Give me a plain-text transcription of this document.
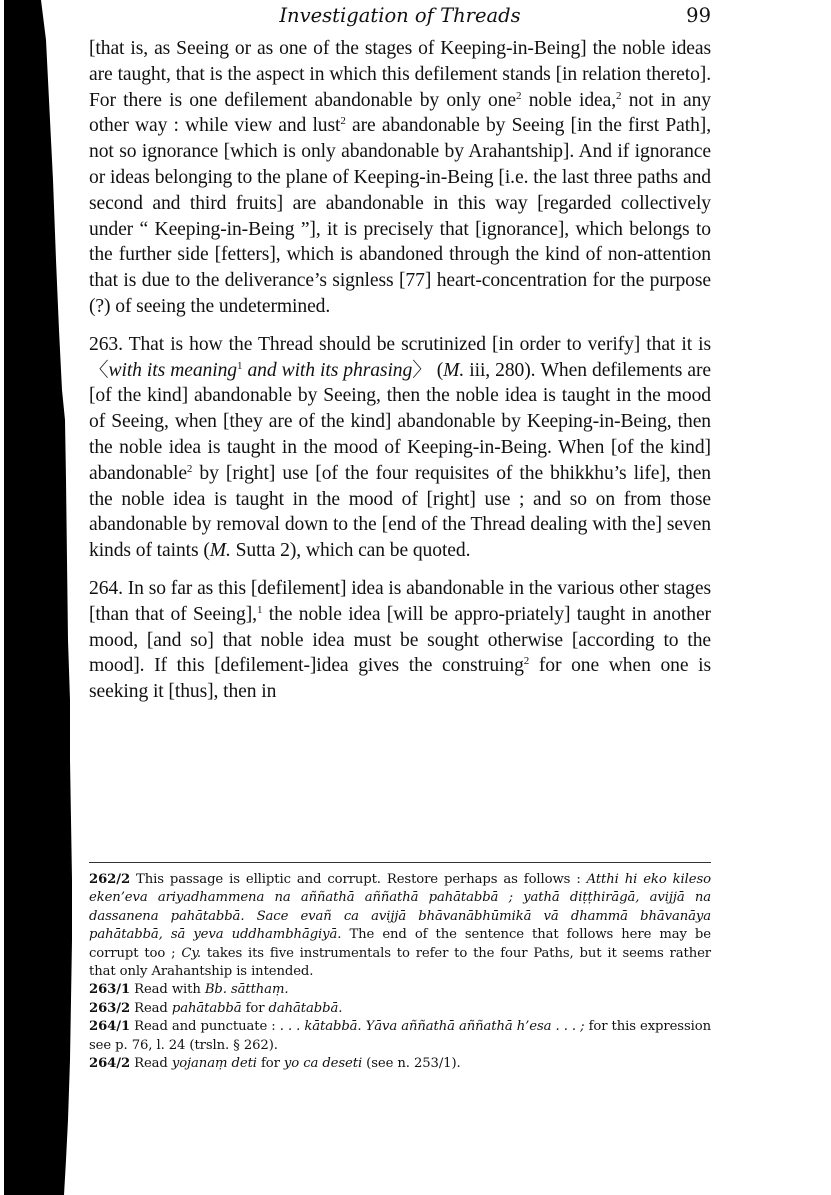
Investigation of Threads	99

[that is, as Seeing or as one of the stages of Keeping-in-Being] the noble ideas are taught, that is the aspect in which this defilement stands [in relation thereto]. For there is one defilement abandonable by only one$^2$ noble idea,$^2$ not in any other way : while view and lust$^2$ are abandonable by Seeing [in the first Path], not so ignorance [which is only abandonable by Arahantship]. And if ignorance or ideas belonging to the plane of Keeping-in-Being [i.e. the last three paths and second and third fruits] are abandonable in this way [regarded collectively under “ Keeping-in-Being ”], it is precisely that [ignorance], which belongs to the further side [fetters], which is abandoned through the kind of non-attention that is due to the deliverance’s signless [77] heart-concentration for the purpose (?) of seeing the undetermined.

263. That is how the Thread should be scrutinized [in order to verify] that it is 〈with its meaning$^1$ and with its phrasing〉 (M. iii, 280). When defilements are [of the kind] abandonable by Seeing, then the noble idea is taught in the mood of Seeing, when [they are of the kind] abandonable by Keeping-in-Being, then the noble idea is taught in the mood of Keeping-in-Being. When [of the kind] abandonable$^2$ by [right] use [of the four requisites of the bhikkhu’s life], then the noble idea is taught in the mood of [right] use ; and so on from those abandonable by removal down to the [end of the Thread dealing with the] seven kinds of taints (M. Sutta 2), which can be quoted.

264. In so far as this [defilement] idea is abandonable in the various other stages [than that of Seeing],$^1$ the noble idea [will be appro-priately] taught in another mood, [and so] that noble idea must be sought otherwise [according to the mood]. If this [defilement-]idea gives the construing$^2$ for one when one is seeking it [thus], then in

262/2 This passage is elliptic and corrupt. Restore perhaps as follows : Atthi hi eko kileso eken’eva ariyadhammena na aññathā aññathā pahātabbā ; yathā diṭṭhirāgā, avijjā na dassanena pahātabbā. Sace evañ ca avijjā bhāvanābhūmikā vā dhammā bhāvanāya pahātabbā, sā yeva uddhambhāgiyā. The end of the sentence that follows here may be corrupt too ; Cy. takes its five instrumentals to refer to the four Paths, but it seems rather that only Arahantship is intended.

263/1 Read with Bb. sātthaṃ.

263/2 Read pahātabbā for dahātabbā.

264/1 Read and punctuate : . . . kātabbā. Yāva aññathā aññathā h’esa . . . ; for this expression see p. 76, l. 24 (trsln. § 262).

264/2 Read yojanaṃ deti for yo ca deseti (see n. 253/1).
